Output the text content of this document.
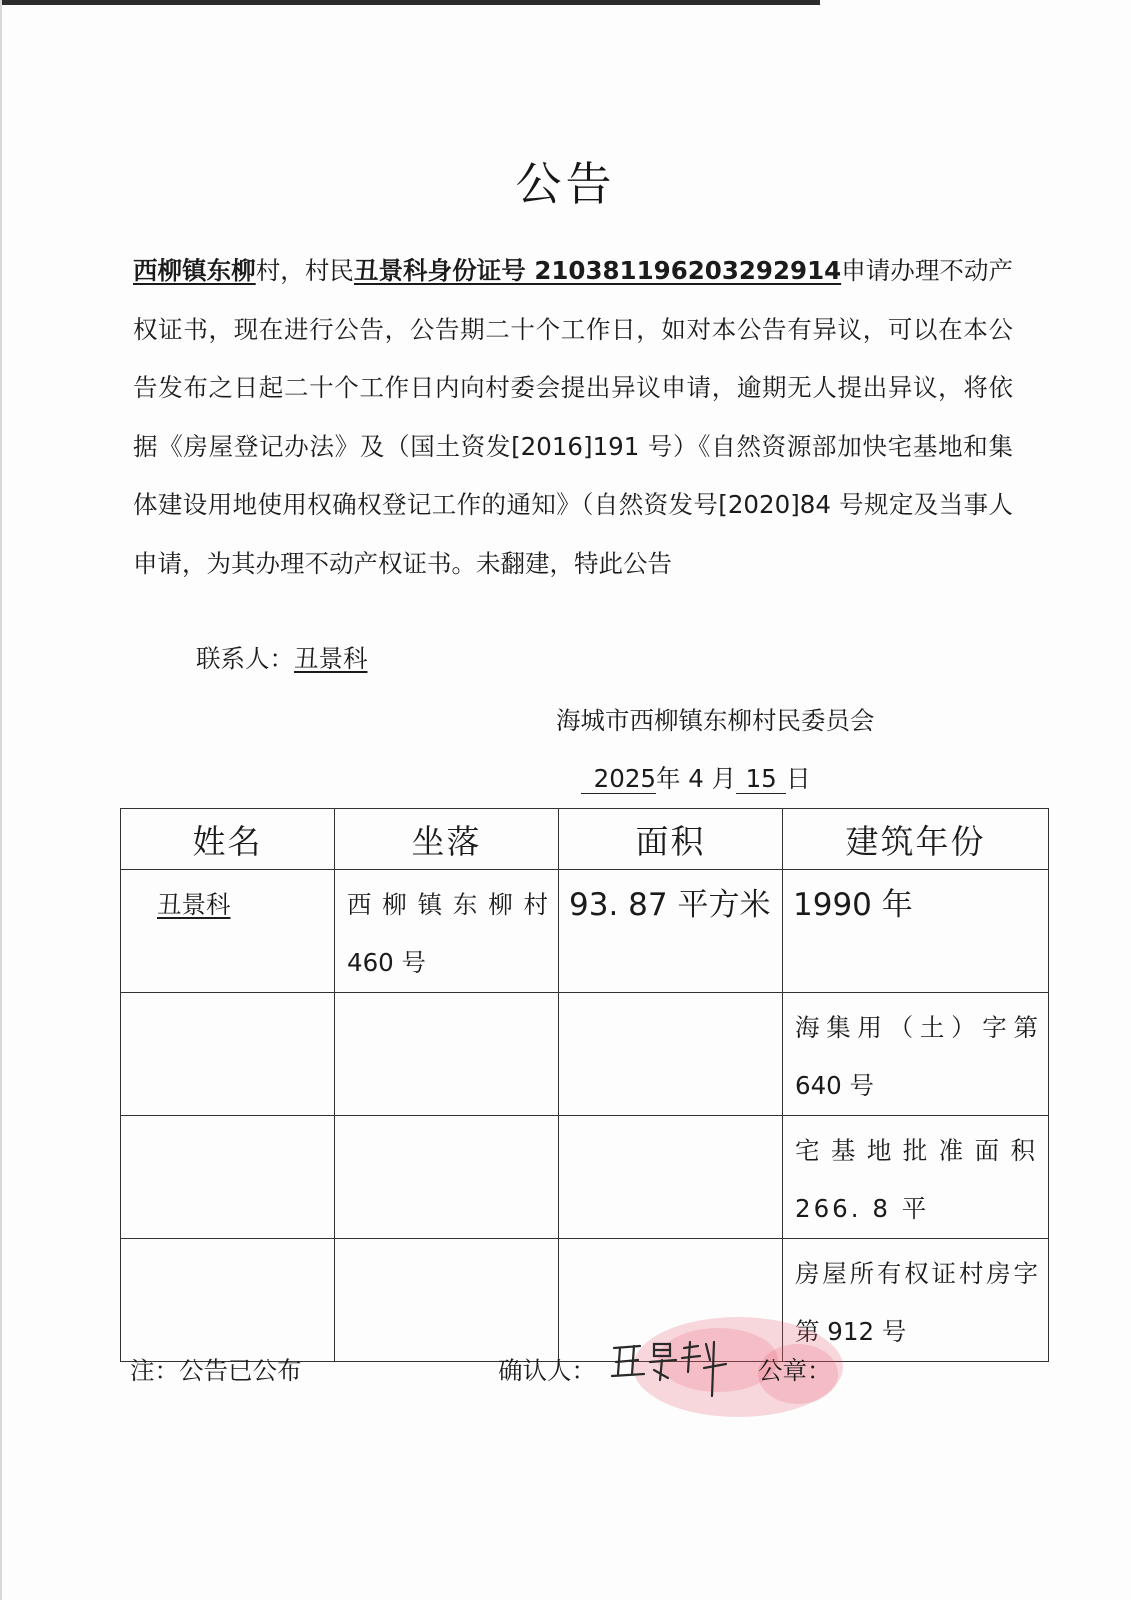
公告

西柳镇东柳村，村民丑景科身份证号 210381196203292914申请办理不动产权证书，现在进行公告，公告期二十个工作日，如对本公告有异议，可以在本公告发布之日起二十个工作日内向村委会提出异议申请，逾期无人提出异议，将依据《房屋登记办法》及（国土资发[2016]191 号）《自然资源部加快宅基地和集体建设用地使用权确权登记工作的通知》（自然资发号[2020]84 号规定及当事人申请，为其办理不动产权证书。未翻建，特此公告

联系人：丑景科
海城市西柳镇东柳村民委员会
2025年 4 月 15 日
姓名	坐落	面积	建筑年份

丑景科	西柳镇东柳村 460 号	93. 87 平方米	1990 年

			海集用（土）字第 640 号

			宅基地批准面积 266. 8 平

			房屋所有权证村房字第 912 号
注：公告已公布	确认人：	公章：
